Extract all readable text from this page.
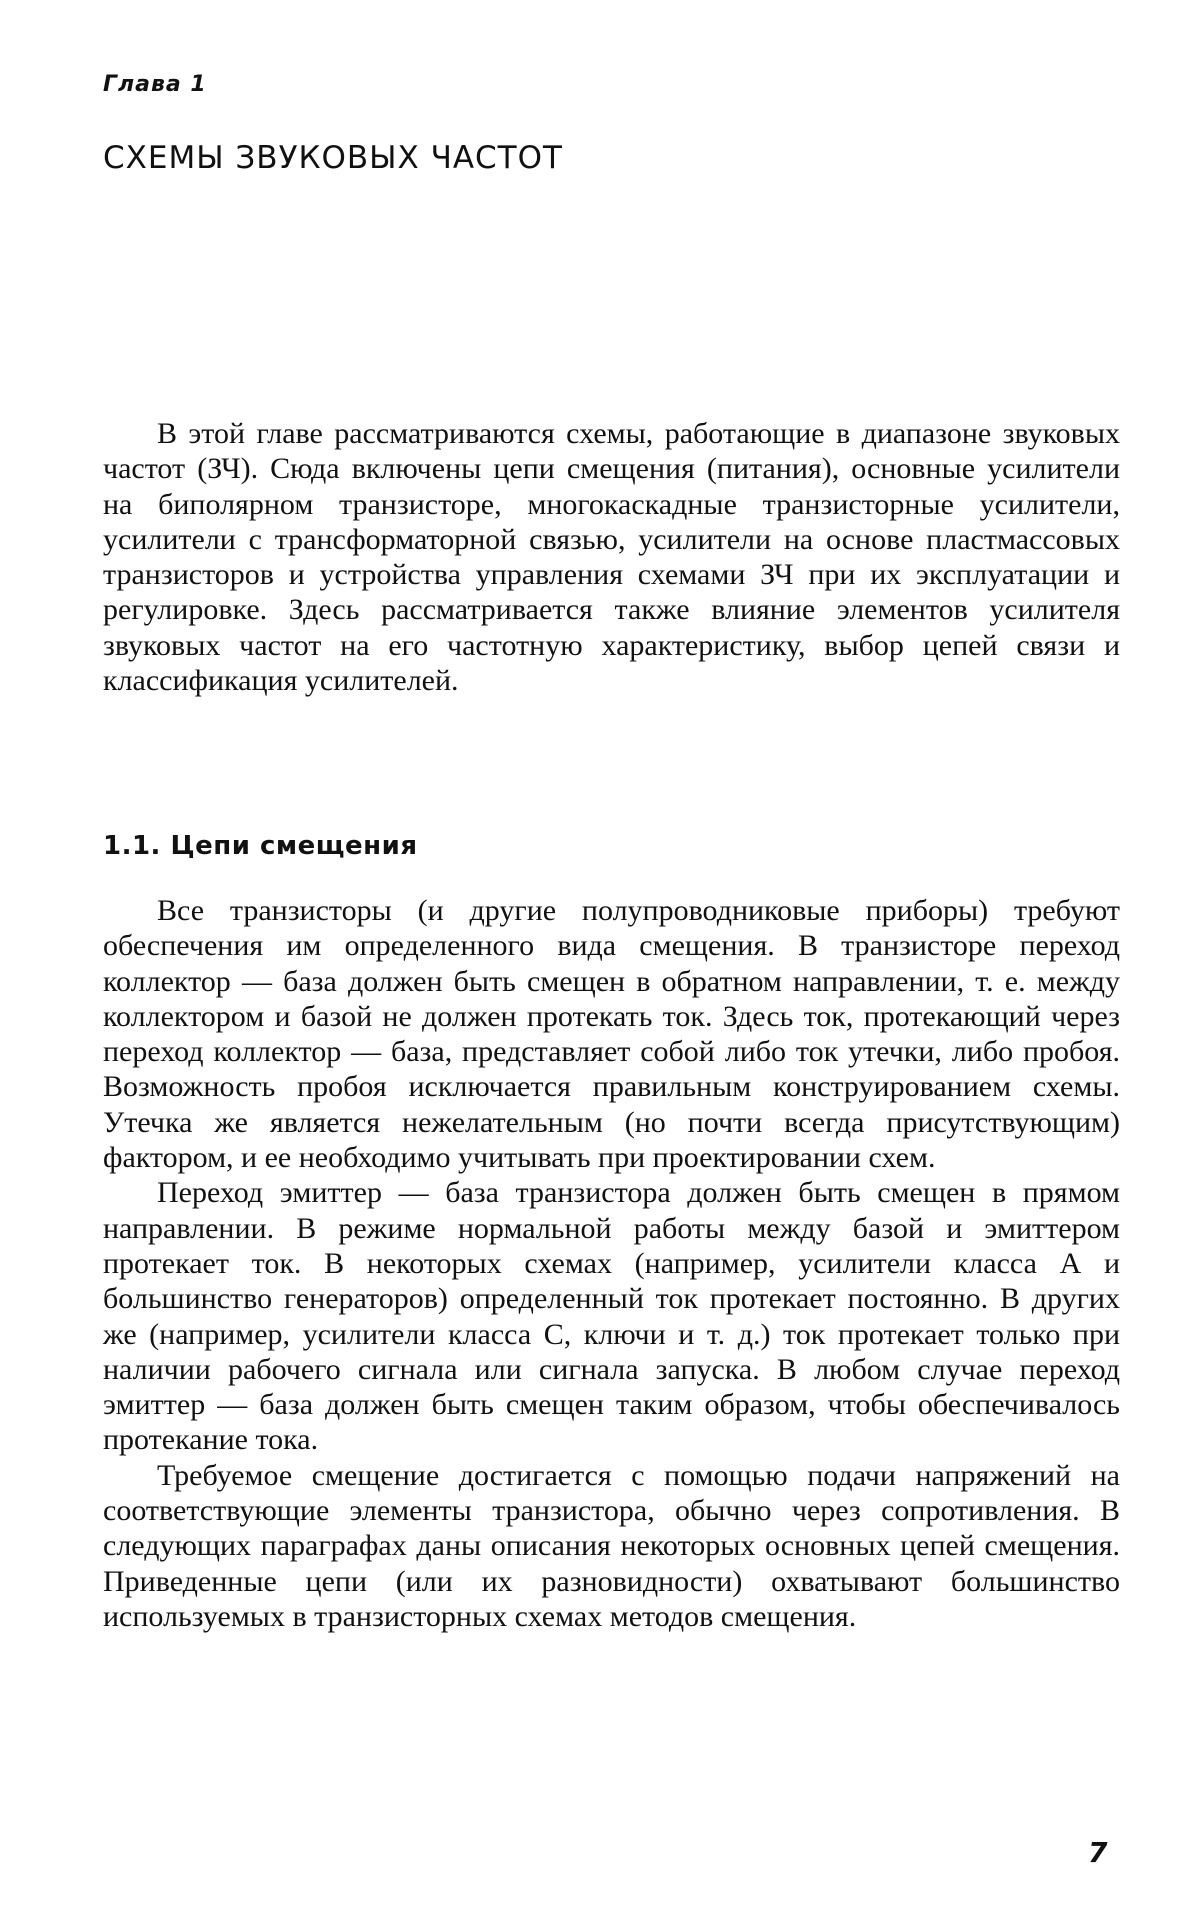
Глава 1
СХЕМЫ ЗВУКОВЫХ ЧАСТОТ

В этой главе рассматриваются схемы, работающие в диапазоне звуковых частот (ЗЧ). Сюда включены цепи смещения (питания), основные усилители на биполярном транзисторе, многокаскадные транзисторные усилители, усилители с трансформаторной связью, усилители на основе пластмассовых транзисторов и устройства управления схемами ЗЧ при их эксплуатации и регулировке. Здесь рассматривается также влияние элементов усилителя звуковых частот на его частотную характеристику, выбор цепей связи и классификация усилителей.

1.1. Цепи смещения

Все транзисторы (и другие полупроводниковые приборы) требуют обеспечения им определенного вида смещения. В транзисторе переход коллектор — база должен быть смещен в обратном направлении, т. е. между коллектором и базой не должен протекать ток. Здесь ток, протекающий через переход коллектор — база, представляет собой либо ток утечки, либо пробоя. Возможность пробоя исключается правильным конструированием схемы. Утечка же является нежелательным (но почти всегда присутствующим) фактором, и ее необходимо учитывать при проектировании схем.

Переход эмиттер — база транзистора должен быть смещен в прямом направлении. В режиме нормальной работы между базой и эмиттером протекает ток. В некоторых схемах (например, усилители класса А и большинство генераторов) определенный ток протекает постоянно. В других же (например, усилители класса С, ключи и т. д.) ток протекает только при наличии рабочего сигнала или сигнала запуска. В любом случае переход эмиттер — база должен быть смещен таким образом, чтобы обеспечивалось протекание тока.

Требуемое смещение достигается с помощью подачи напряжений на соответствующие элементы транзистора, обычно через сопротивления. В следующих параграфах даны описания некоторых основных цепей смещения. Приведенные цепи (или их разновидности) охватывают большинство используемых в транзисторных схемах методов смещения.

7
